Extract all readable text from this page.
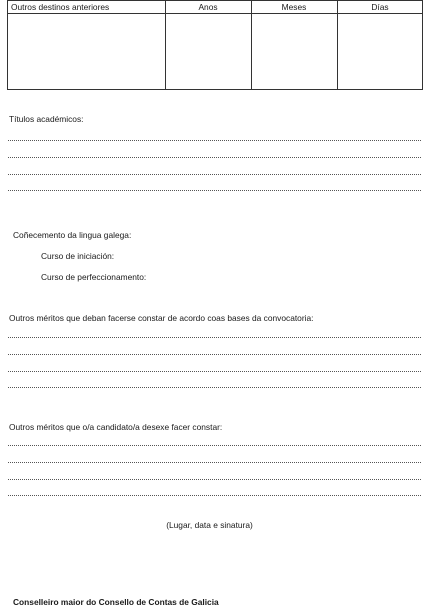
Outros destinos anteriores	Anos	Meses	Días
Títulos académicos:
Coñecemento da lingua galega:
Curso de iniciación:
Curso de perfeccionamento:
Outros méritos que deban facerse constar de acordo coas bases da convocatoria:
Outros méritos que o/a candidato/a desexe facer constar:
(Lugar, data e sinatura)
Conselleiro maior do Consello de Contas de Galicia
